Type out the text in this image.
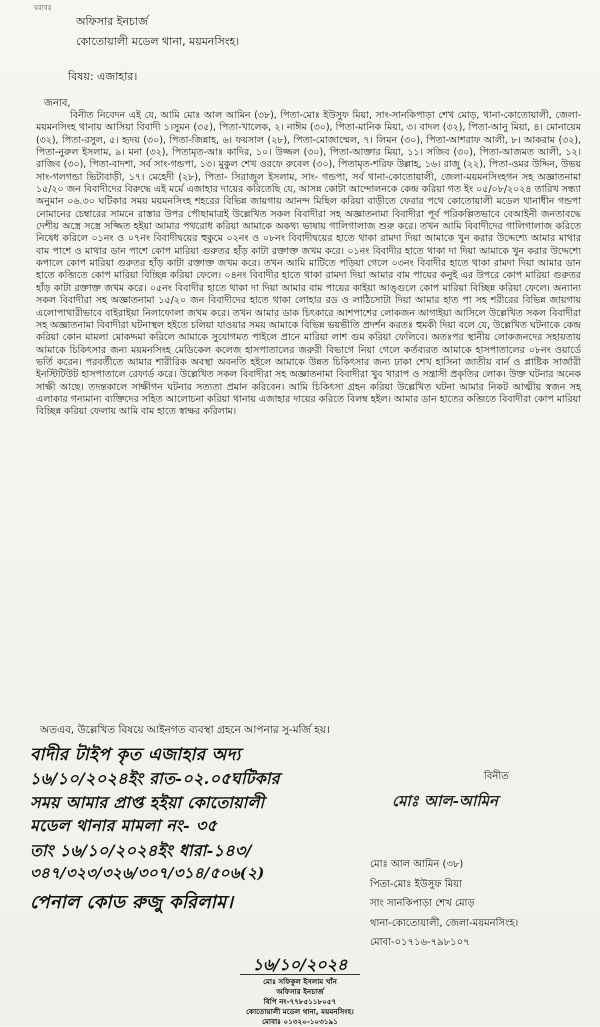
বরাবর
অফিসার ইনচার্জ
কোতোয়ালী মডেল থানা, ময়মনসিংহ।
বিষয়: এজাহার।
জনাব,
বিনীত নিবেদন এই যে, আমি মোঃ আল আমিন (৩৮), পিতা-মোঃ ইউসুফ মিয়া, সাং-সানকিপাড়া শেখ মোড়, থানা-কোতোয়ালী, জেলা-ময়মনসিংহ থানায় আসিয়া বিবাদী ১।সুমন (৩৫), পিতা-খালেক, ২। নাঈম (৩০), পিতা-মানিক মিয়া, ৩। বাদল (৩২), পিতা-আনু মিয়া, ৪। মোনায়েম (৩২), পিতা-রসুল, ৫। হৃদয় (৩০), পিতা-জিন্নাহ, ৬। ফয়সাল (২৮), পিতা-মোজাম্মেল, ৭। লিমন (৩০), পিতা-আশরাফ আলী, ৮। আকরাম (৩২), পিতা-নুরুল ইসলাম, ৯। মনা (৩২), পিতামৃত-আঃ কাদির, ১০। উজ্জল (৩০), পিতা-আক্তার মিয়া, ১১। সজিব (৩০), পিতা-আজমত আলী, ১২। রাজিব (৩০), পিতা-বাদশা, সর্ব সাং-গন্ডপা, ১৩। মুকুল শেখ ওরফে রুবেল (৩০), পিতামৃত-শরিফ উল্লাহ, ১৬। রাজু (২২), পিতা-ওমর উদ্দিন, উভয় সাং-গলগন্ডা ভিটাবাড়ী, ১৭। মেহেদী (২৮), পিতা- সিরাজুল ইসলাম, সাং- গন্ডপা, সর্ব থানা-কোতোয়ালী, জেলা-ময়মনসিংহগন সহ অজ্ঞাতনামা ১৫/২০ জন বিবাদীদের বিরুদ্ধে এই মর্মে এজাহার দায়ের করিতেছি যে, আসন্ন কোটা আন্দোলনকে কেন্দ্র করিয়া গত ইং ০৫/০৮/২০২৪ তারিখ সন্ধ্যা অনুমান ০৬.৩০ ঘটিকার সময় ময়মনসিংহ শহরের বিভিন্ন জায়গায় আনন্দ মিছিল করিয়া বাড়ীতে ফেরার পথে কোতোয়ালী মডেল থানাধীন গন্ডপা নোমানের চেম্বারের সামনে রাস্তার উপর পৌছামাত্রই উল্লেখিত সকল বিবাদীরা সহ অজ্ঞাতনামা বিবাদীরা পূর্ব পরিকল্পিতভাবে বেআইনী জনতাবদ্ধে দেশীয় অস্ত্রে সস্ত্রে সজ্জিত হইয়া আমার পথরোধ করিয়া আমাকে অকথ্য ভাষায় গালিগালাজ শুরু করে। তখন আমি বিবাদীদের গালিগালাজ করিতে নিষেধ করিলে ০১নং ও ০৭নং বিবাদীদ্বয়ের হুকুমে ০২নং ও ০৮নং বিবাদীদ্বয়ের হাতে থাকা রামদা দিয়া আমাকে খুন করার উদ্দেশ্যে আমার মাথার বাম পাশে ও মাথার ডান পাশে কোপ মারিয়া গুরুতর হাঁড় কাটা রক্তাক্ত জখম করে। ০১নং বিবাদীর হাতে থাকা দা দিয়া আমাকে খুন করার উদ্দেশ্যে কপালে কোপ মারিয়া গুরুতর হাঁড় কাটা রক্তাক্ত জখম করে। তখন আমি মাটিতে পড়িয়া গেলে ০৩নং বিবাদীর হাতে থাকা রামদা দিয়া আমার ডান হাতে কব্জিতে কোপ মারিয়া বিচ্ছিন্ন করিয়া ফেলে। ০৪নং বিবাদীর হাতে থাকা রামদা দিয়া আমার বাম পায়ের কনুই এর উপরে কোপ মারিয়া গুরুতর হাঁড় কাটা রক্তাক্ত জখম করে। ০৫নং বিবাদীর হাতে থাকা দা দিয়া আমার বাম পায়ের কাইয়া আঙ্গুলে কোপ মারিয়া বিচ্ছিন্ন করিয়া ফেলে। অন্যান্য সকল বিবাদীরা সহ অজ্ঞাতনামা ১৫/২০ জন বিবাদীদের হাতে থাকা লোহার রড ও লাঠিসোটা দিয়া আমার হাত পা সহ শরীরের বিভিন্ন জায়গায় এলোপাথারীভাবে বাইরাইয়া নিলাফোলা জখম করে। তখন আমার ডাক চিৎকারে আশপাশের লোকজন আগাইয়া আসিলে উল্লেখিত সকল বিবাদীরা সহ অজ্ঞাতনামা বিবাদীরা ঘটনাস্থল হইতে চলিয়া যাওয়ার সময় আমাকে বিভিন্ন ভয়ভীতি প্রদর্শন করতঃ হুমকী দিয়া বলে যে, উল্লেখিত ঘটনাকে কেন্দ্র করিয়া কোন মামলা মোকদ্দমা করিলে আমাকে সুযোগমত পাইলে প্রানে মারিয়া লাশ গুম করিয়া ফেলিবে। অতঃপর স্থানীয় লোকজনদের সহায়তায় আমাকে চিকিৎসার জন্য ময়মনসিংহ মেডিকেল কলেজ হাসপাতালের জরুরী বিভাগে নিয়া গেলে কর্তব্যরত আমাকে হাসপাতালের ০৮নং ওয়ার্ডে ভর্তি করেন। পরবর্তীতে আমার শারীরিক অবস্থা অবনতি হইলে আমাকে উন্নত চিকিৎসার জন্য ঢাকা শেখ হাসিনা জাতীয় বার্ন ও প্লাষ্টিক সার্জারী ইনস্টিটিউট হাসপাতালে রেফার্ড করে। উল্লেখিত সকল বিবাদীরা সহ অজ্ঞাতনামা বিবাদীরা খুব খারাপ ও সন্ত্রাসী প্রকৃতির লোক। উক্ত ঘটনার অনেক সাক্ষী আছে। তদন্তকালে সাক্ষীগন ঘটনার সত্যতা প্রমান করিবেন। আমি চিকিৎসা গ্রহন করিয়া উল্লেখিত ঘটনা আমার নিকট আত্মীয় স্বজন সহ এলাকার গন্যমান্য ব্যক্তিদের সহিত আলোচনা করিয়া থানায় এজাহার দায়ের করিতে বিলম্ব হইল। আমার ডান হাতের কব্জিতে বিবাদীরা কোপ মারিয়া বিচ্ছিন্ন করিয়া ফেলায় আমি বাম হাতে স্বাক্ষর করিলাম।
অতএব, উল্লেখিত বিষয়ে আইনগত ব্যবস্থা গ্রহনে আপনার সু-মর্জি হয়।
বাদীর টাইপ কৃত এজাহার অদ্য
১৬/১০/২০২৪ইং রাত-০২.০৫ঘটিকার
সময় আমার প্রাপ্ত হইয়া কোতোয়ালী
মডেল থানার মামলা নং- ৩৫
তাং ১৬/১০/২০২৪ইং ধারা-১৪৩/
৩৪৭/৩২৩/৩২৬/৩০৭/৩১৪/৫০৬(২)
পেনাল কোড রুজু করিলাম।
বিনীত
মোঃ আল-আমিন
মোঃ আল আমিন (৩৮)
পিতা-মোঃ ইউসুফ মিয়া
সাং সানকিপাড়া শেখ মোড়
থানা-কোতোয়ালী, জেলা-ময়মনসিংহ।
মোবা-০১৭১৬-৭৯৮১০৭
১৬/১০/২০২৪
মোঃ সফিকুল ইসলাম খাঁন
অফিসার ইনচার্জ
বিপি নং-৭৭৮৫১১৮০৫৭
কোতোয়ালী মডেল থানা, ময়মনসিংহ।
মোবাঃ ০১৩২০-১০৩১৯১
